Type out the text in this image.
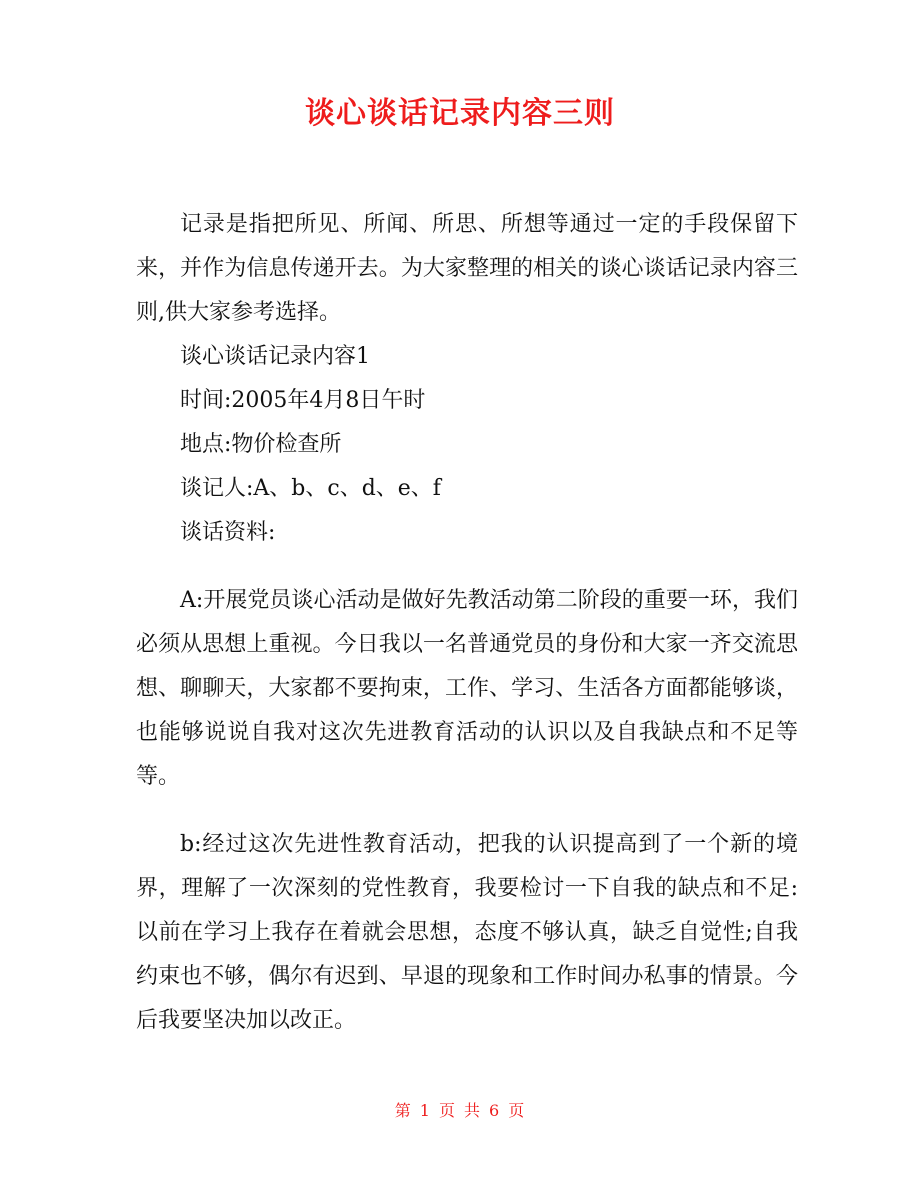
谈心谈话记录内容三则

记录是指把所见、所闻、所思、所想等通过一定的手段保留下来，并作为信息传递开去。为大家整理的相关的谈心谈话记录内容三则,供大家参考选择。

谈心谈话记录内容1

时间:2005年4月8日午时

地点:物价检查所

谈记人:A、b、c、d、e、f

谈话资料:

A:开展党员谈心活动是做好先教活动第二阶段的重要一环，我们必须从思想上重视。今日我以一名普通党员的身份和大家一齐交流思想、聊聊天，大家都不要拘束，工作、学习、生活各方面都能够谈，也能够说说自我对这次先进教育活动的认识以及自我缺点和不足等等。

b:经过这次先进性教育活动，把我的认识提高到了一个新的境界，理解了一次深刻的党性教育，我要检讨一下自我的缺点和不足:以前在学习上我存在着就会思想，态度不够认真，缺乏自觉性;自我约束也不够，偶尔有迟到、早退的现象和工作时间办私事的情景。今后我要坚决加以改正。

第 1 页 共 6 页
